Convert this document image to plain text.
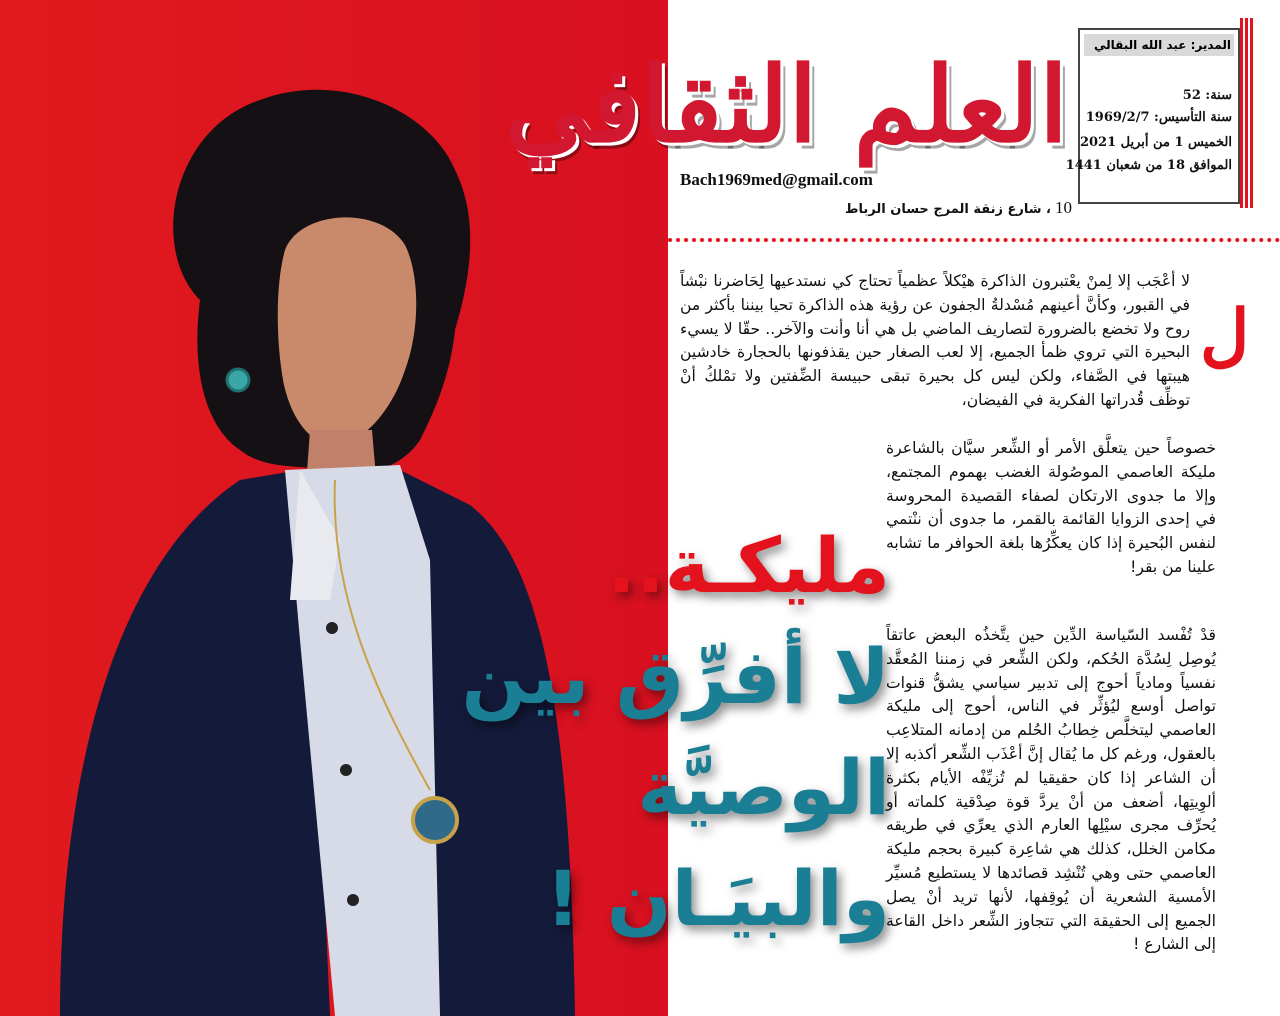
العلم الثقافي	المدير: عبد الله البقالي
سنة: 52
سنة التأسيس: 1969/2/7
الخميس 1 من أبريل 2021
الموافق 18 من شعبان 1441
Bach1969med@gmail.com
10، شارع زنقة المرج حسان الرباط
ل

لا أعْجَب إلا لِمنْ يعْتبرون الذاكرة هيْكلاً عظمياً تحتاج كي نستدعيها لِحَاضرنا نبْشاً في القبور، وكأنَّ أعينهم مُسْدلةُ الجفون عن رؤية هذه الذاكرة تحيا بيننا بأكثر من روح ولا تخضع بالضرورة لتصاريف الماضي بل هي أنا وأنت والآخر.. حقّا لا يسيء البحيرة التي تروي ظمأ الجميع، إلا لعب الصغار حين يقذفونها بالحجارة خادشين هيبتها في الصَّفاء، ولكن ليس كل بحيرة تبقى حبيسة الضِّفتين ولا تمْلكُ أنْ توظِّف قُدراتها الفكرية في الفيضان،

خصوصاً حين يتعلَّق الأمر أو الشِّعر سيَّان بالشاعرة مليكة العاصمي الموصُولة الغضب بهموم المجتمع، وإلا ما جدوى الارتكان لصفاء القصيدة المحروسة في إحدى الزوايا القائمة بالقمر، ما جدوى أن ننْتمي لنفس البُحيرة إذا كان يعكِّرُها بلغة الحوافر ما تشابه علينا من بقر!

قدْ تُفْسد السّياسة الدِّين حين يتَّخذُه البعض عاتقاً يُوصِل لِسُدَّة الحُكم، ولكن الشِّعر في زمننا المُعقَّد نفسياً ومادياً أحوج إلى تدبير سياسي يشقُّ قنوات تواصل أوسع ليُؤثِّر في الناس، أحوج إلى مليكة العاصمي ليتخلَّص خِطابُ الحُلم من إدمانه المتلاعِب بالعقول، ورغم كل ما يُقال إنَّ أعْذَب الشِّعر أكذبه إلا أن الشاعر إذا كان حقيقيا لم تُزيِّفْه الأيام بكثرة ألوِيتِها، أضعف من أنْ يردَّ قوة صِدْقية كلماته أو يُحرِّف مجرى سيْلِها العارم الذي يعرِّي في طريقه مكامن الخلل، كذلك هي شاعِرة كبيرة بحجم مليكة العاصمي حتى وهي تُنْشِد قصائدها لا يستطيع مُسيِّر الأمسية الشعرية أن يُوقِفها، لأنها تريد أنْ يصل الجميع إلى الحقيقة التي تتجاوز الشِّعر داخل القاعة إلى الشارع !

مليكـة..
لا أفرِّق بين
الوصيَّة
والبيَـان !
